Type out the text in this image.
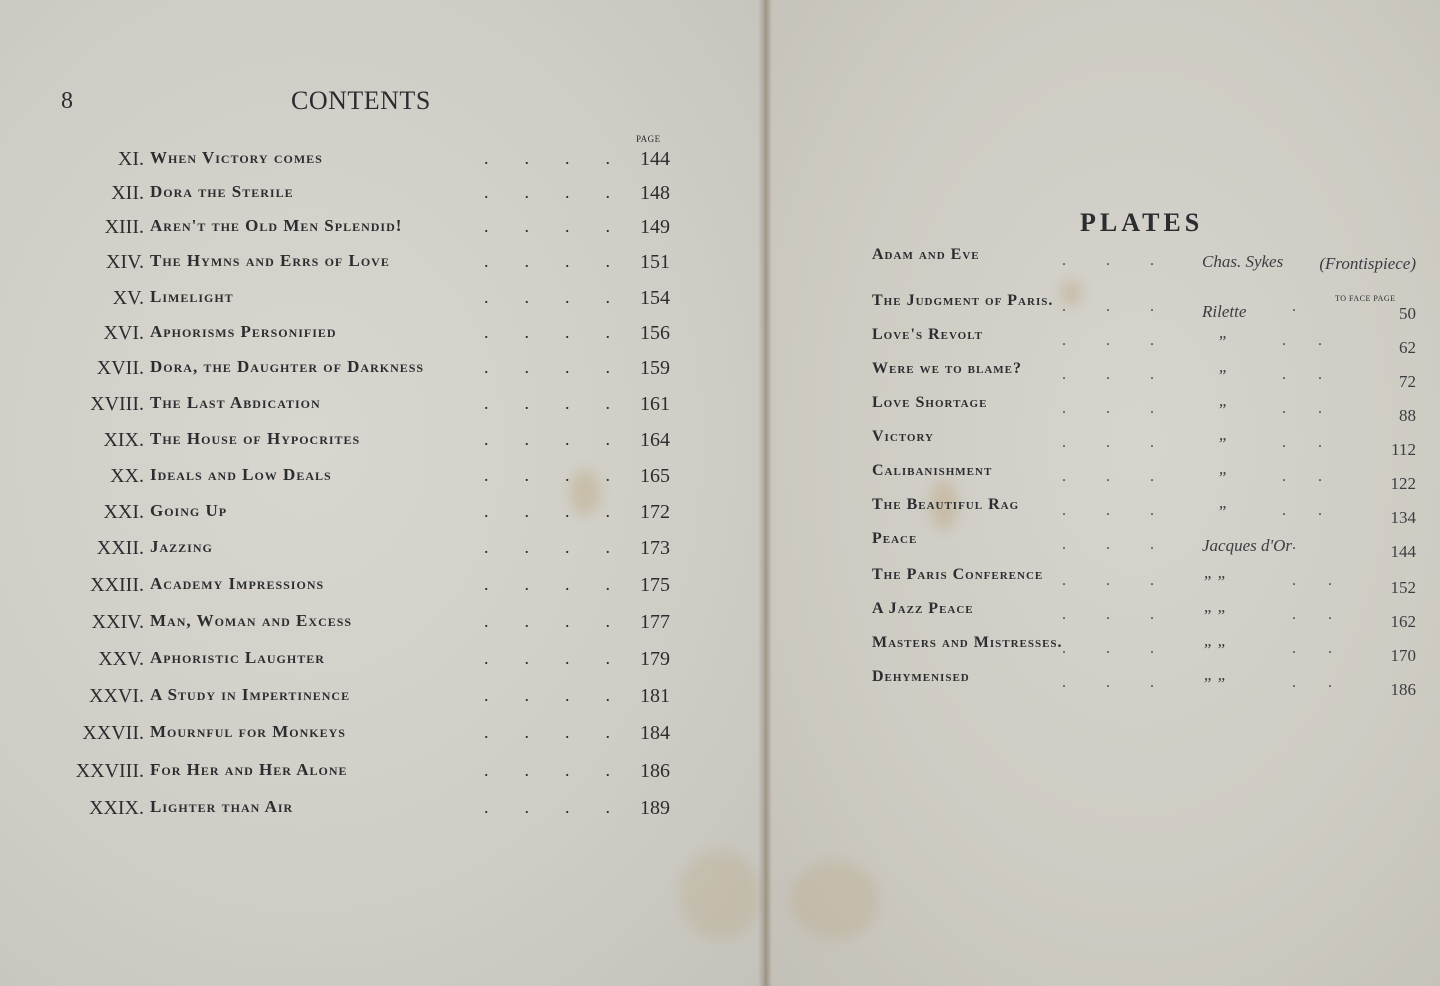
8	CONTENTS
PAGE
XI. When Victory comes	.        .        .        .	144
XII. Dora the Sterile	.        .        .        .	148
XIII. Aren't the Old Men Splendid!	.        .        .        .	149
XIV. The Hymns and Errs of Love	.        .        .        .	151
XV. Limelight	.        .        .        .	154
XVI. Aphorisms Personified	.        .        .        .	156
XVII. Dora, the Daughter of Darkness	.        .        .        .	159
XVIII. The Last Abdication	.        .        .        .	161
XIX. The House of Hypocrites	.        .        .        .	164
XX. Ideals and Low Deals	.        .        .        .	165
XXI. Going Up	.        .        .        .	172
XXII. Jazzing	.        .        .        .	173
XXIII. Academy Impressions	.        .        .        .	175
XXIV. Man, Woman and Excess	.        .        .        .	177
XXV. Aphoristic Laughter	.        .        .        .	179
XXVI. A Study in Impertinence	.        .        .        .	181
XXVII. Mournful for Monkeys	.        .        .        .	184
XXVIII. For Her and Her Alone	.        .        .        .	186
XXIX. Lighter than Air	.        .        .        .	189
PLATES
TO FACE PAGE
Adam and Eve	.          .          .	Chas. Sykes (Frontispiece)
The Judgment of Paris. .          .          .	Rilette	.	50
Love's Revolt	.          .          .	”	.        .	62
Were we to blame?	.          .          .	”	.        .	72
Love Shortage	.          .          .	”	.        .	88
Victory	.          .          .	”	.        .	112
Calibanishment	.          .          .	”	.        .	122
The Beautiful Rag	.          .          .	”	.        .	134
Peace	.          .          .	Jacques d'Or .	144
The Paris Conference .          .          .	” ”	.        .	152
A Jazz Peace	.          .          .	” ”	.        .	162
Masters and Mistresses. .          .          .	” ”	.        .	170
Dehymenised	.          .          .	” ”	.        .	186
